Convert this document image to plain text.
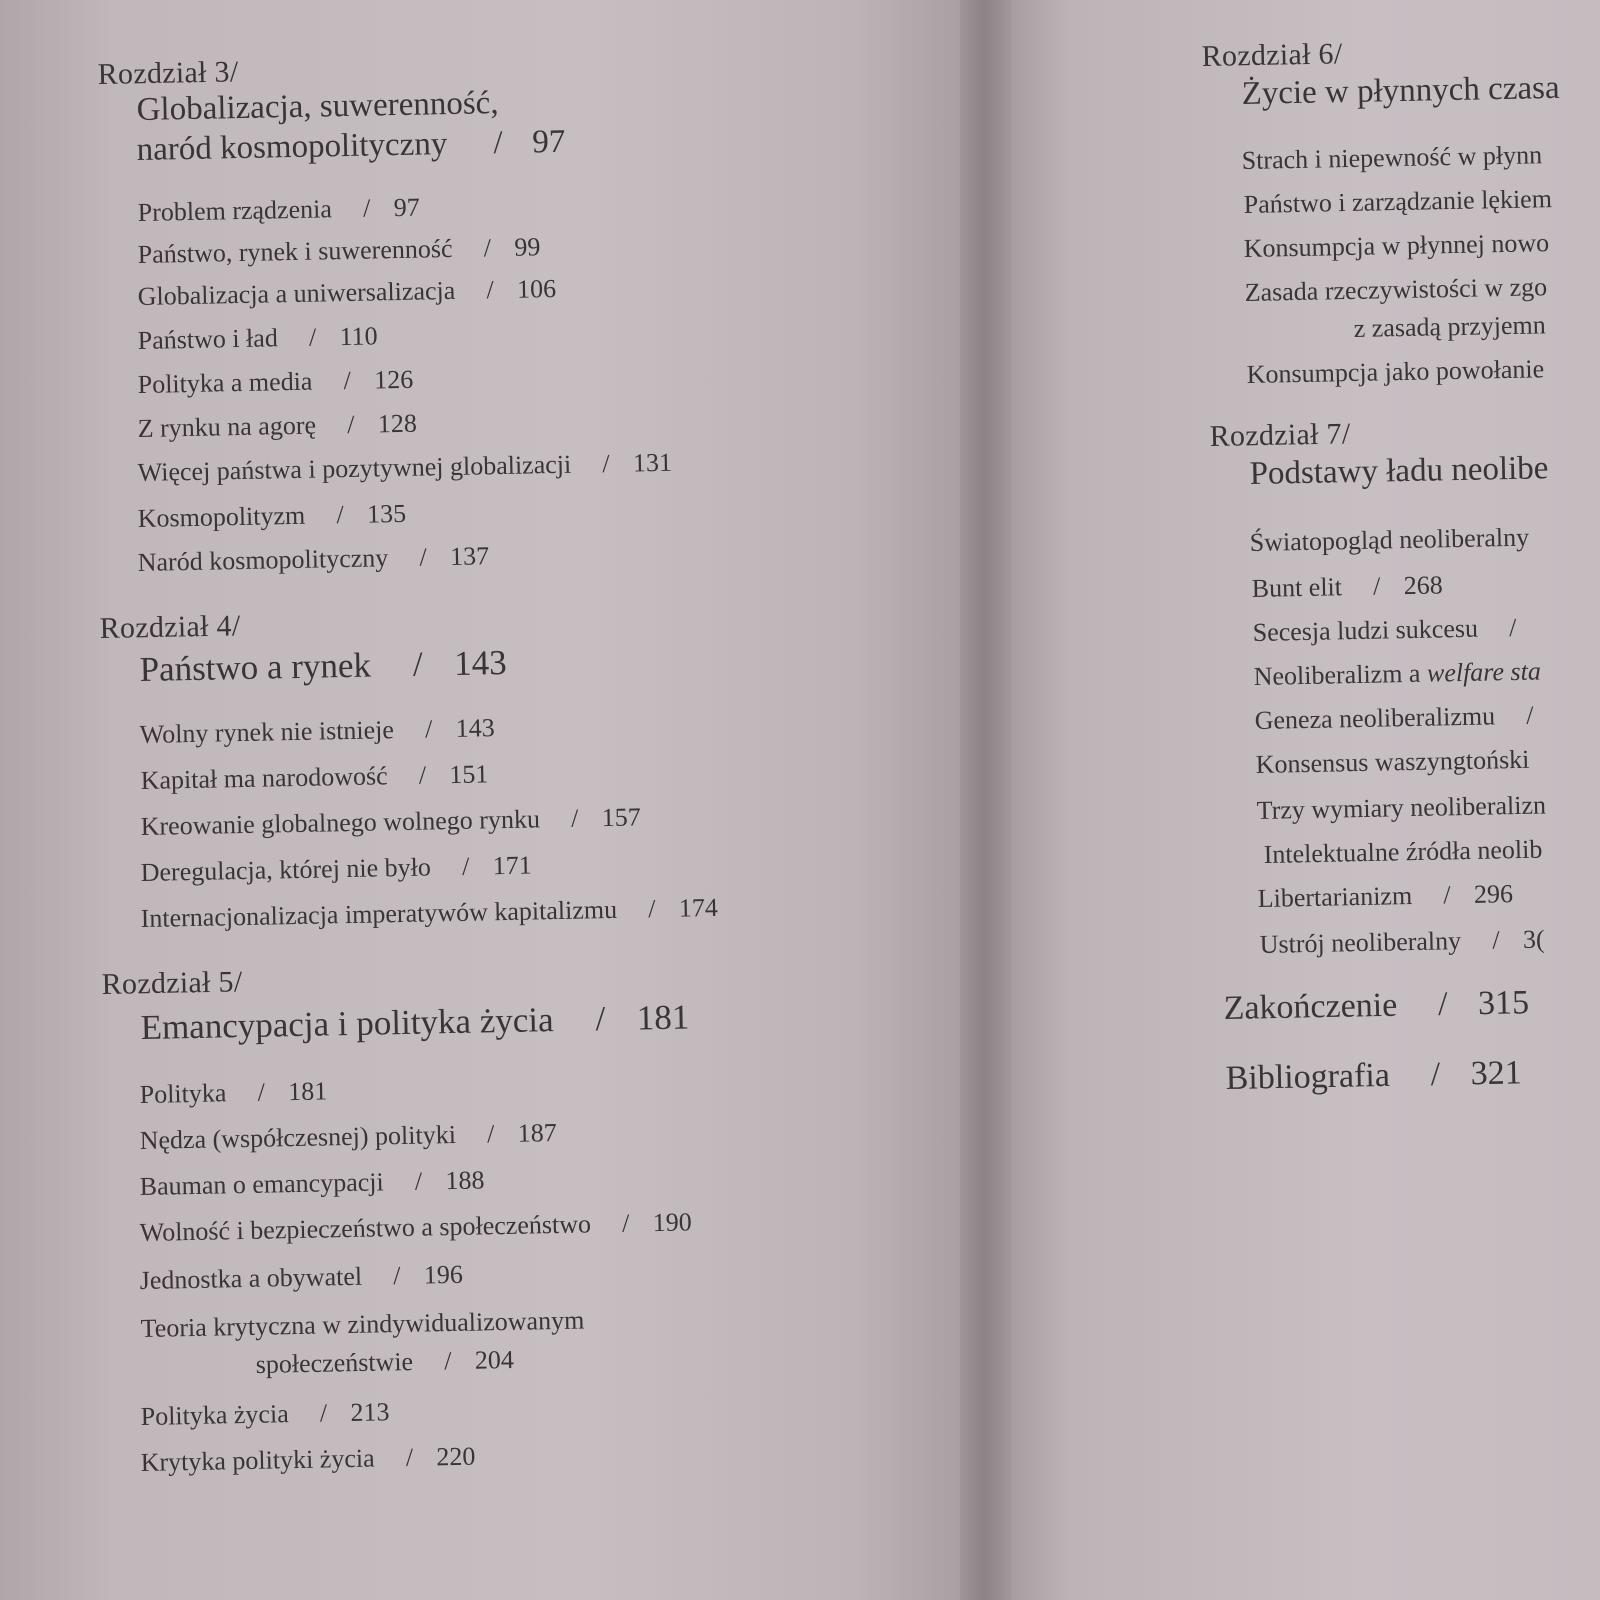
Rozdział 3/
Globalizacja, suwerenność,
naród kosmopolityczny / 97
Problem rządzenia / 97
Państwo, rynek i suwerenność / 99
Globalizacja a uniwersalizacja / 106
Państwo i ład / 110
Polityka a media / 126
Z rynku na agorę / 128
Więcej państwa i pozytywnej globalizacji / 131
Kosmopolityzm / 135
Naród kosmopolityczny / 137
Rozdział 4/
Państwo a rynek / 143
Wolny rynek nie istnieje / 143
Kapitał ma narodowość / 151
Kreowanie globalnego wolnego rynku / 157
Deregulacja, której nie było / 171
Internacjonalizacja imperatywów kapitalizmu / 174
Rozdział 5/
Emancypacja i polityka życia / 181
Polityka / 181
Nędza (współczesnej) polityki / 187
Bauman o emancypacji / 188
Wolność i bezpieczeństwo a społeczeństwo / 190
Jednostka a obywatel / 196
Teoria krytyczna w zindywidualizowanym
społeczeństwie / 204
Polityka życia / 213
Krytyka polityki życia / 220
Rozdział 6/
Życie w płynnych czasa
Strach i niepewność w płynn
Państwo i zarządzanie lękiem
Konsumpcja w płynnej nowo
Zasada rzeczywistości w zgo
z zasadą przyjemn
Konsumpcja jako powołanie
Rozdział 7/
Podstawy ładu neolibe
Światopogląd neoliberalny
Bunt elit / 268
Secesja ludzi sukcesu /
Neoliberalizm a welfare sta
Geneza neoliberalizmu /
Konsensus waszyngtoński
Trzy wymiary neoliberalizn
Intelektualne źródła neolib
Libertarianizm / 296
Ustrój neoliberalny / 3(
Zakończenie / 315
Bibliografia / 321
